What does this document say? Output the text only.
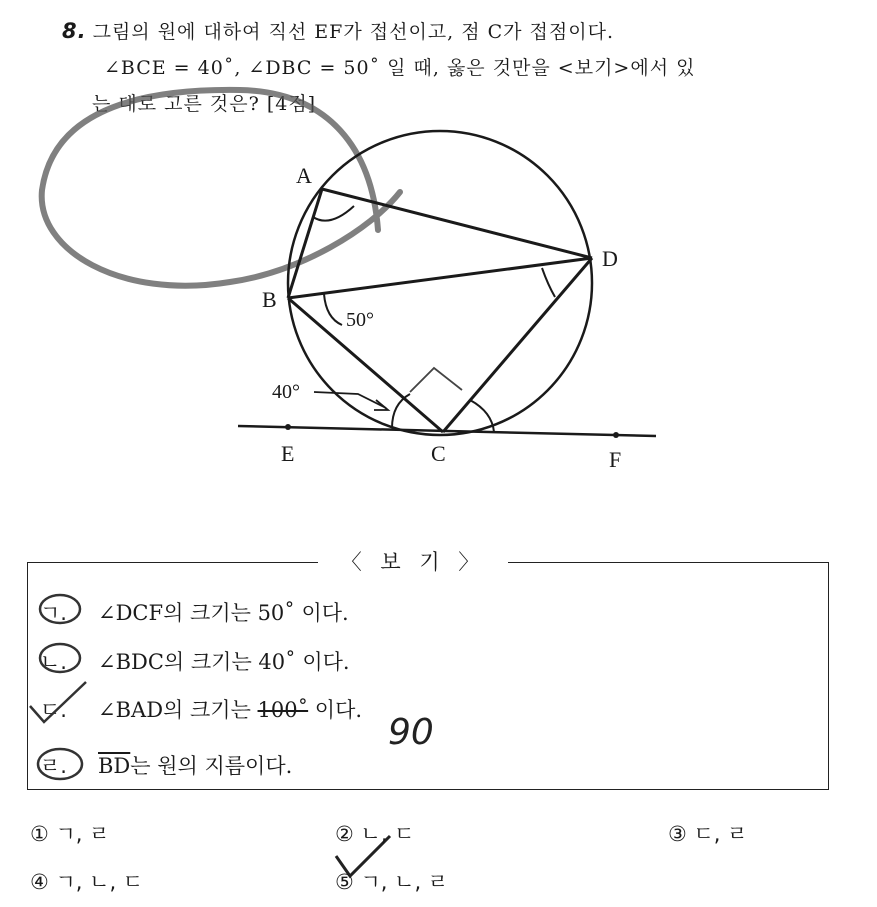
8. 그림의 원에 대하여 직선 EF가 접선이고, 점 C가 접점이다.
∠BCE = 40˚, ∠DBC = 50˚ 일 때, 옳은 것만을 <보기>에서 있
는 대로 고른 것은? [4점]
A
B
D
C
E	F
50°
40°
〈 보 기 〉
ㄱ. ∠DCF의 크기는 50˚ 이다.
ㄴ. ∠BDC의 크기는 40˚ 이다.
ㄷ. ∠BAD의 크기는 100˚ 이다.
ㄹ. $\overline{BD}$는 원의 지름이다.
90
① ㄱ, ㄹ	② ㄴ, ㄷ	③ ㄷ, ㄹ
④ ㄱ, ㄴ, ㄷ	⑤ ㄱ, ㄴ, ㄹ
